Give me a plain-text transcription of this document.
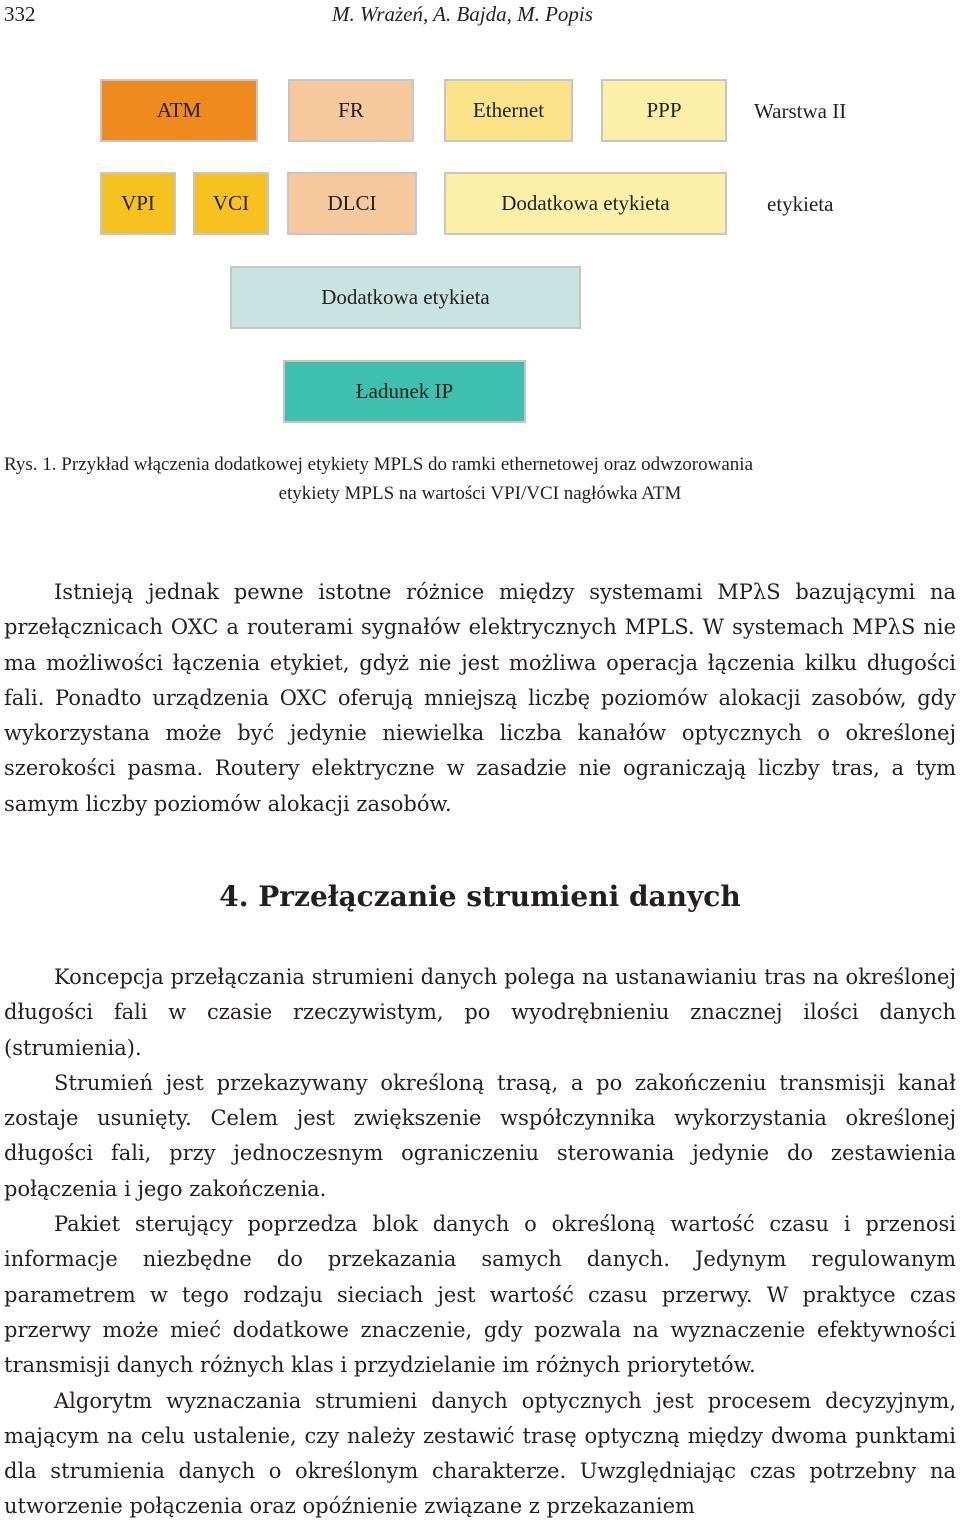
332	M. Wrażeń, A. Bajda, M. Popis
ATM	FR	Ethernet	PPP	Warstwa II
VPI	VCI	DLCI	Dodatkowa etykieta	etykieta
Dodatkowa etykieta
Ładunek IP
Rys. 1. Przykład włączenia dodatkowej etykiety MPLS do ramki ethernetowej oraz odwzorowania
etykiety MPLS na wartości VPI/VCI nagłówka ATM

Istnieją jednak pewne istotne różnice między systemami MPλS bazującymi na przełącznicach OXC a routerami sygnałów elektrycznych MPLS. W systemach MPλS nie ma możliwości łączenia etykiet, gdyż nie jest możliwa operacja łączenia kilku długości fali. Ponadto urządzenia OXC oferują mniejszą liczbę poziomów alokacji zasobów, gdy wykorzystana może być jedynie niewielka liczba kanałów optycznych o określonej szerokości pasma. Routery elektryczne w zasadzie nie ograniczają liczby tras, a tym samym liczby poziomów alokacji zasobów.

4. Przełączanie strumieni danych

Koncepcja przełączania strumieni danych polega na ustanawianiu tras na określonej długości fali w czasie rzeczywistym, po wyodrębnieniu znacznej ilości danych (strumienia).

Strumień jest przekazywany określoną trasą, a po zakończeniu transmisji kanał zostaje usunięty. Celem jest zwiększenie współczynnika wykorzystania określonej długości fali, przy jednoczesnym ograniczeniu sterowania jedynie do zestawienia połączenia i jego zakończenia.

Pakiet sterujący poprzedza blok danych o określoną wartość czasu i przenosi informacje niezbędne do przekazania samych danych. Jedynym regulowanym parametrem w tego rodzaju sieciach jest wartość czasu przerwy. W praktyce czas przerwy może mieć dodatkowe znaczenie, gdy pozwala na wyznaczenie efektywności transmisji danych różnych klas i przydzielanie im różnych priorytetów.

Algorytm wyznaczania strumieni danych optycznych jest procesem decyzyjnym, mającym na celu ustalenie, czy należy zestawić trasę optyczną między dwoma punktami dla strumienia danych o określonym charakterze. Uwzględniając czas potrzebny na utworzenie połączenia oraz opóźnienie związane z przekazaniem
